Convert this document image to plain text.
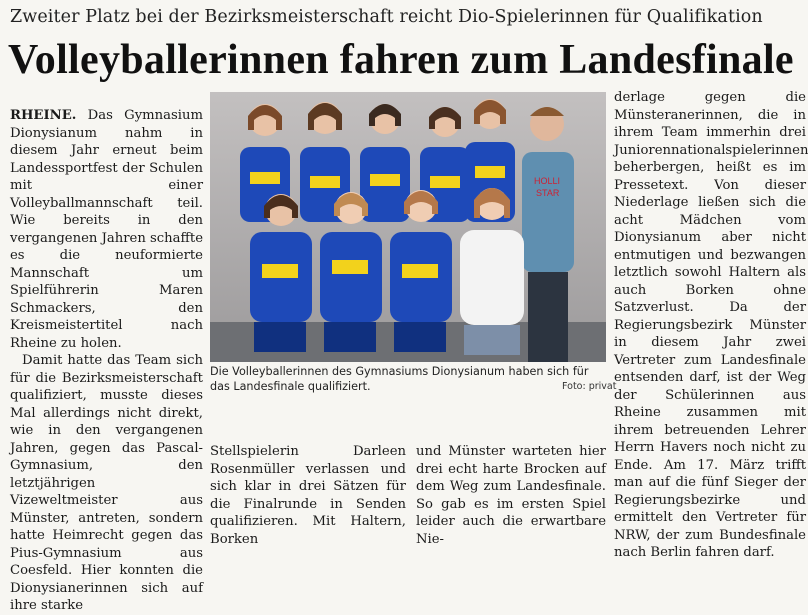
Zweiter Platz bei der Bezirksmeisterschaft reicht Dio-Spielerinnen für Qualifikation
Volleyballerinnen fahren zum Landesfinale

RHEINE. Das Gymnasium Dionysianum nahm in diesem Jahr erneut beim Landessportfest der Schulen mit einer Volleyballmannschaft teil. Wie bereits in den vergangenen Jahren schaffte es die neuformierte Mannschaft um Spielführerin Maren Schmackers, den Kreismeistertitel nach Rheine zu holen.

Damit hatte das Team sich für die Bezirksmeisterschaft qualifiziert, musste dieses Mal allerdings nicht direkt, wie in den vergangenen Jahren, gegen das Pascal-Gymnasium, den letztjährigen Vizeweltmeister aus Münster, antreten, sondern hatte Heimrecht gegen das Pius-Gymnasium aus Coesfeld. Hier konnten die Dionysianerinnen sich auf ihre starke

HOLLI
STAR
Die Volleyballerinnen des Gymnasiums Dionysianum haben sich für das Landesfinale qualifiziert.	Foto: privat
Stellspielerin Darleen Rosenmüller verlassen und sich klar in drei Sätzen für die Finalrunde in Senden qualifizieren. Mit Haltern, Borken
und Münster warteten hier drei echt harte Brocken auf dem Weg zum Landesfinale. So gab es im ersten Spiel leider auch die erwartbare Nie-
derlage gegen die Münsteranerinnen, die in ihrem Team immerhin drei Juniorennationalspielerinnen beherbergen, heißt es im Pressetext. Von dieser Niederlage ließen sich die acht Mädchen vom Dionysianum aber nicht entmutigen und bezwangen letztlich sowohl Haltern als auch Borken ohne Satzverlust. Da der Regierungsbezirk Münster in diesem Jahr zwei Vertreter zum Landesfinale entsenden darf, ist der Weg der Schülerinnen aus Rheine zusammen mit ihrem betreuenden Lehrer Herrn Havers noch nicht zu Ende. Am 17. März trifft man auf die fünf Sieger der Regierungsbezirke und ermittelt den Vertreter für NRW, der zum Bundesfinale nach Berlin fahren darf.
